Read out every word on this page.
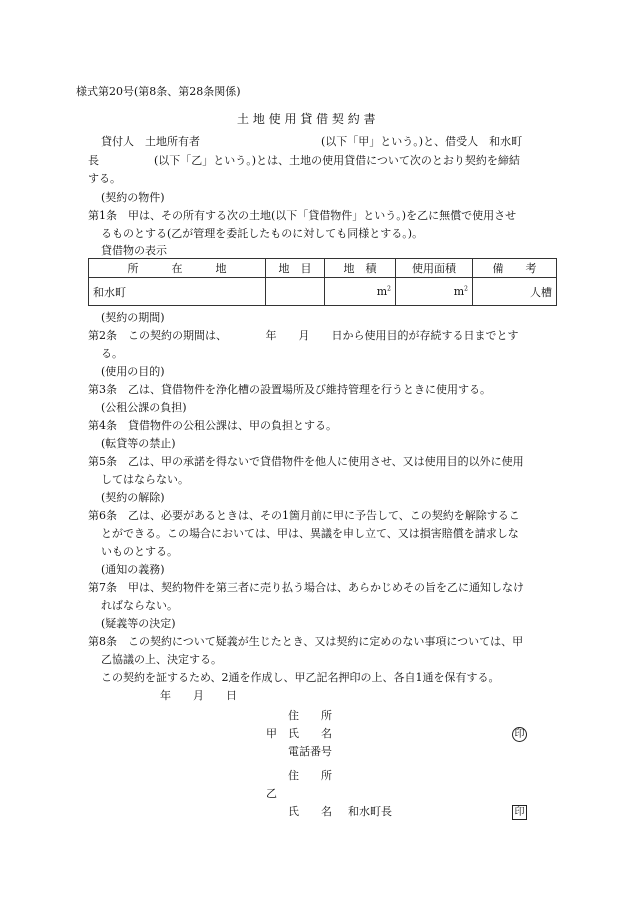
様式第20号(第8条、第28条関係)
土 地 使 用 貸 借 契 約 書
貸付人　土地所有者　　　　　　　　　　　(以下「甲」という。)と、借受人　和水町
長　　　　　(以下「乙」という。)とは、土地の使用貸借について次のとおり契約を締結
する。
(契約の物件)
第1条　甲は、その所有する次の土地(以下「貸借物件」という。)を乙に無償で使用させ
るものとする(乙が管理を委託したものに対しても同様とする。)。
貸借物の表示
所　　　在　　　地	地　目	地　積	使用面積	備　　考
和水町		$m^2$	$m^2$	人槽
(契約の期間)
第2条　この契約の期間は、　　　　年　　月　　日から使用目的が存続する日までとす
る。
(使用の目的)
第3条　乙は、貸借物件を浄化槽の設置場所及び維持管理を行うときに使用する。
(公租公課の負担)
第4条　貸借物件の公租公課は、甲の負担とする。
(転貸等の禁止)
第5条　乙は、甲の承諾を得ないで貸借物件を他人に使用させ、又は使用目的以外に使用
してはならない。
(契約の解除)
第6条　乙は、必要があるときは、その1箇月前に甲に予告して、この契約を解除するこ
とができる。この場合においては、甲は、異議を申し立て、又は損害賠償を請求しな
いものとする。
(通知の義務)
第7条　甲は、契約物件を第三者に売り払う場合は、あらかじめその旨を乙に通知しなけ
ればならない。
(疑義等の決定)
第8条　この契約について疑義が生じたとき、又は契約に定めのない事項については、甲
乙協議の上、決定する。
この契約を証するため、2通を作成し、甲乙記名押印の上、各自1通を保有する。
年　　月　　日
住　　所
甲 氏　　名	印
電話番号
住　　所
乙
氏　　名 和水町長	印
